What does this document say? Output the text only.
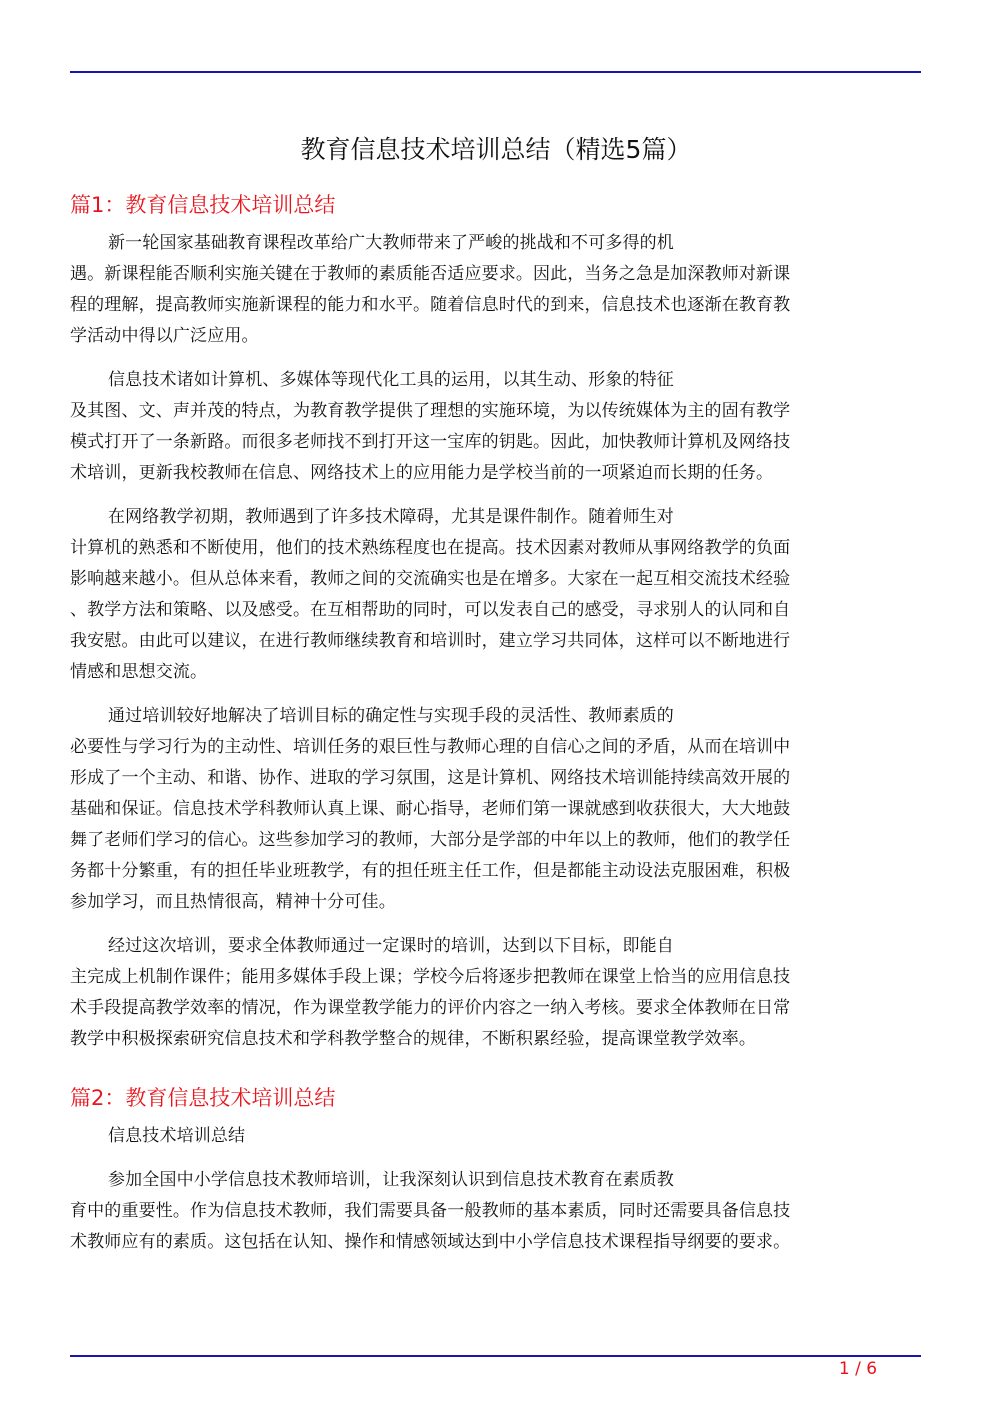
教育信息技术培训总结（精选5篇）
篇1：教育信息技术培训总结
新一轮国家基础教育课程改革给广大教师带来了严峻的挑战和不可多得的机
遇。新课程能否顺利实施关键在于教师的素质能否适应要求。因此，当务之急是加深教师对新课
程的理解，提高教师实施新课程的能力和水平。随着信息时代的到来，信息技术也逐渐在教育教
学活动中得以广泛应用。
信息技术诸如计算机、多媒体等现代化工具的运用，以其生动、形象的特征
及其图、文、声并茂的特点，为教育教学提供了理想的实施环境，为以传统媒体为主的固有教学
模式打开了一条新路。而很多老师找不到打开这一宝库的钥匙。因此，加快教师计算机及网络技
术培训，更新我校教师在信息、网络技术上的应用能力是学校当前的一项紧迫而长期的任务。
在网络教学初期，教师遇到了许多技术障碍，尤其是课件制作。随着师生对
计算机的熟悉和不断使用，他们的技术熟练程度也在提高。技术因素对教师从事网络教学的负面
影响越来越小。但从总体来看，教师之间的交流确实也是在增多。大家在一起互相交流技术经验
、教学方法和策略、以及感受。在互相帮助的同时，可以发表自己的感受，寻求别人的认同和自
我安慰。由此可以建议，在进行教师继续教育和培训时，建立学习共同体，这样可以不断地进行
情感和思想交流。
通过培训较好地解决了培训目标的确定性与实现手段的灵活性、教师素质的
必要性与学习行为的主动性、培训任务的艰巨性与教师心理的自信心之间的矛盾，从而在培训中
形成了一个主动、和谐、协作、进取的学习氛围，这是计算机、网络技术培训能持续高效开展的
基础和保证。信息技术学科教师认真上课、耐心指导，老师们第一课就感到收获很大，大大地鼓
舞了老师们学习的信心。这些参加学习的教师，大部分是学部的中年以上的教师，他们的教学任
务都十分繁重，有的担任毕业班教学，有的担任班主任工作，但是都能主动设法克服困难，积极
参加学习，而且热情很高，精神十分可佳。
经过这次培训，要求全体教师通过一定课时的培训，达到以下目标，即能自
主完成上机制作课件；能用多媒体手段上课；学校今后将逐步把教师在课堂上恰当的应用信息技
术手段提高教学效率的情况，作为课堂教学能力的评价内容之一纳入考核。要求全体教师在日常
教学中积极探索研究信息技术和学科教学整合的规律，不断积累经验，提高课堂教学效率。
篇2：教育信息技术培训总结
信息技术培训总结
参加全国中小学信息技术教师培训，让我深刻认识到信息技术教育在素质教
育中的重要性。作为信息技术教师，我们需要具备一般教师的基本素质，同时还需要具备信息技
术教师应有的素质。这包括在认知、操作和情感领域达到中小学信息技术课程指导纲要的要求。
1 / 6
